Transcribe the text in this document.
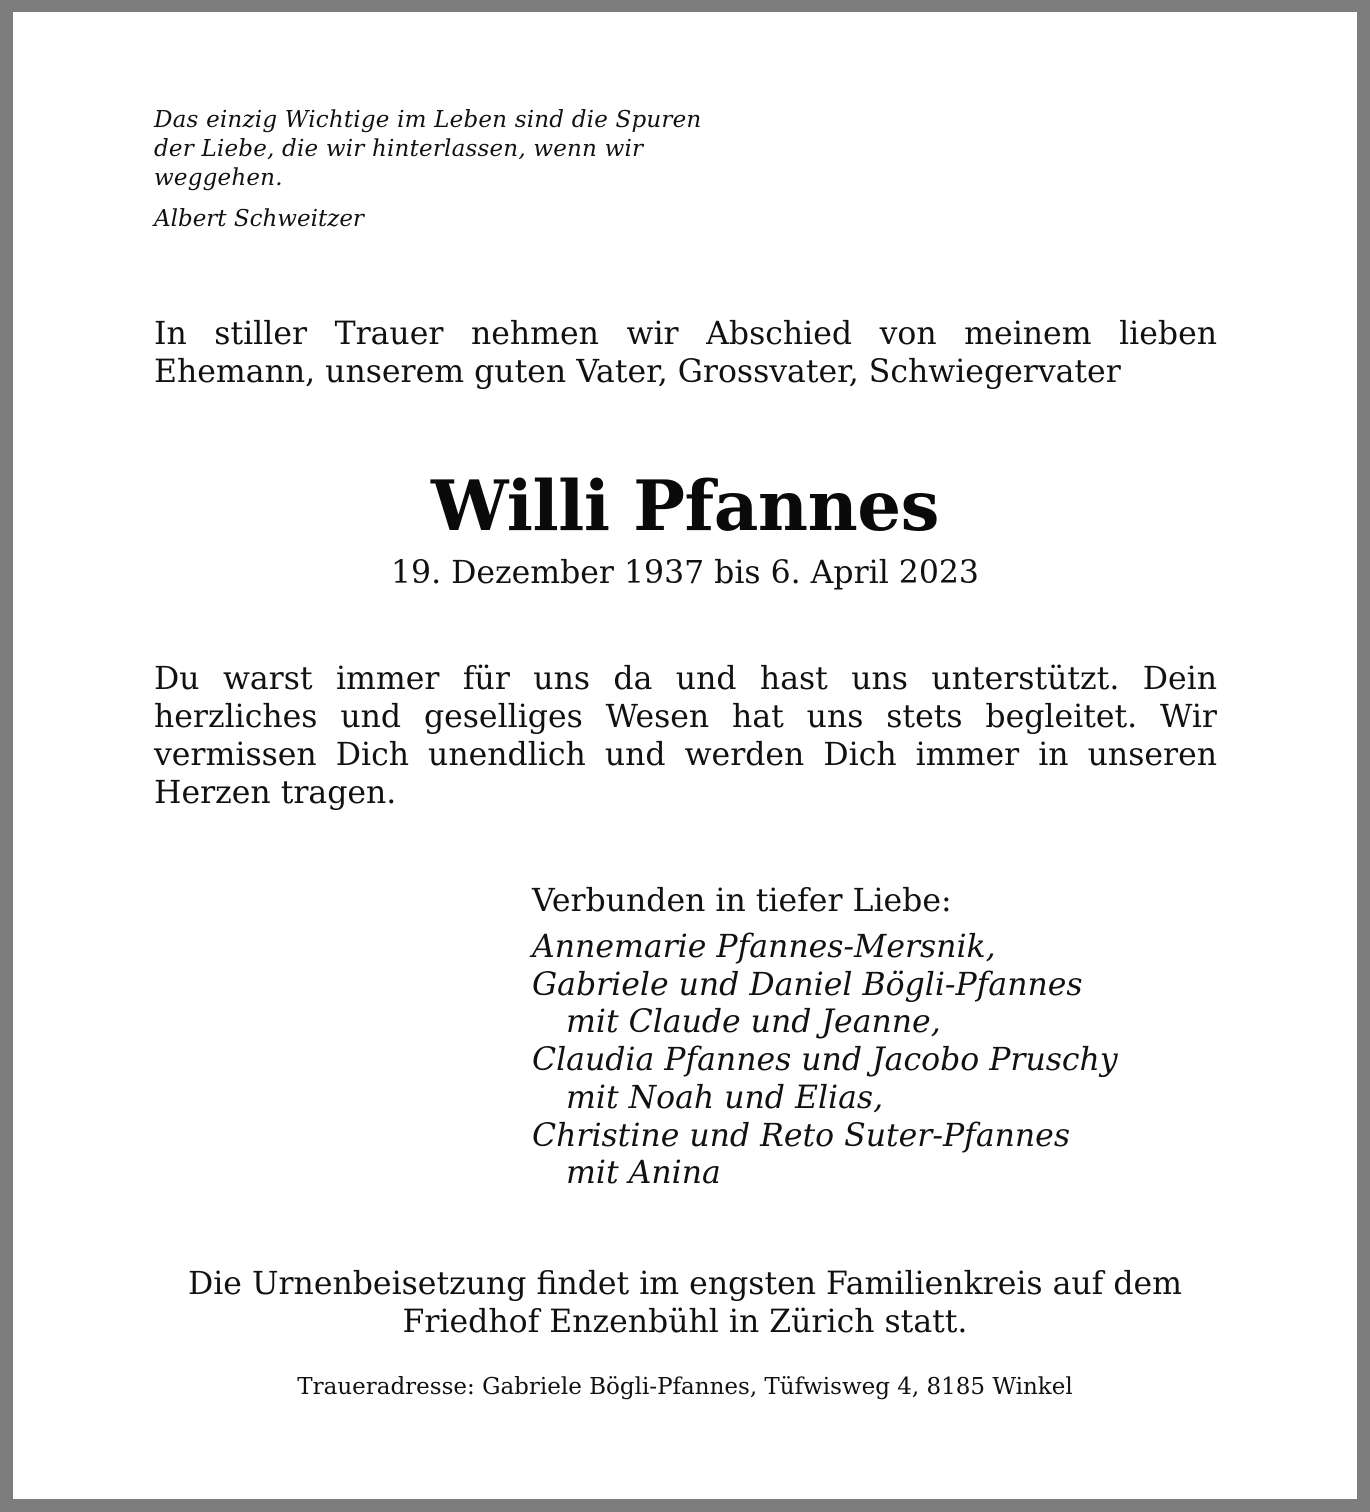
Das einzig Wichtige im Leben sind die Spuren
der Liebe, die wir hinterlassen, wenn wir
weggehen.
Albert Schweitzer
In stiller Trauer nehmen wir Abschied von meinem lieben
Ehemann, unserem guten Vater, Grossvater, Schwiegervater
Willi Pfannes
19. Dezember 1937 bis 6. April 2023
Du warst immer für uns da und hast uns unterstützt. Dein
herzliches und geselliges Wesen hat uns stets begleitet. Wir
vermissen Dich unendlich und werden Dich immer in unseren
Herzen tragen.
Verbunden in tiefer Liebe:
Annemarie Pfannes-Mersnik,
Gabriele und Daniel Bögli-Pfannes
mit Claude und Jeanne,
Claudia Pfannes und Jacobo Pruschy
mit Noah und Elias,
Christine und Reto Suter-Pfannes
mit Anina
Die Urnenbeisetzung findet im engsten Familienkreis auf dem
Friedhof Enzenbühl in Zürich statt.
Traueradresse: Gabriele Bögli-Pfannes, Tüfwisweg 4, 8185 Winkel
